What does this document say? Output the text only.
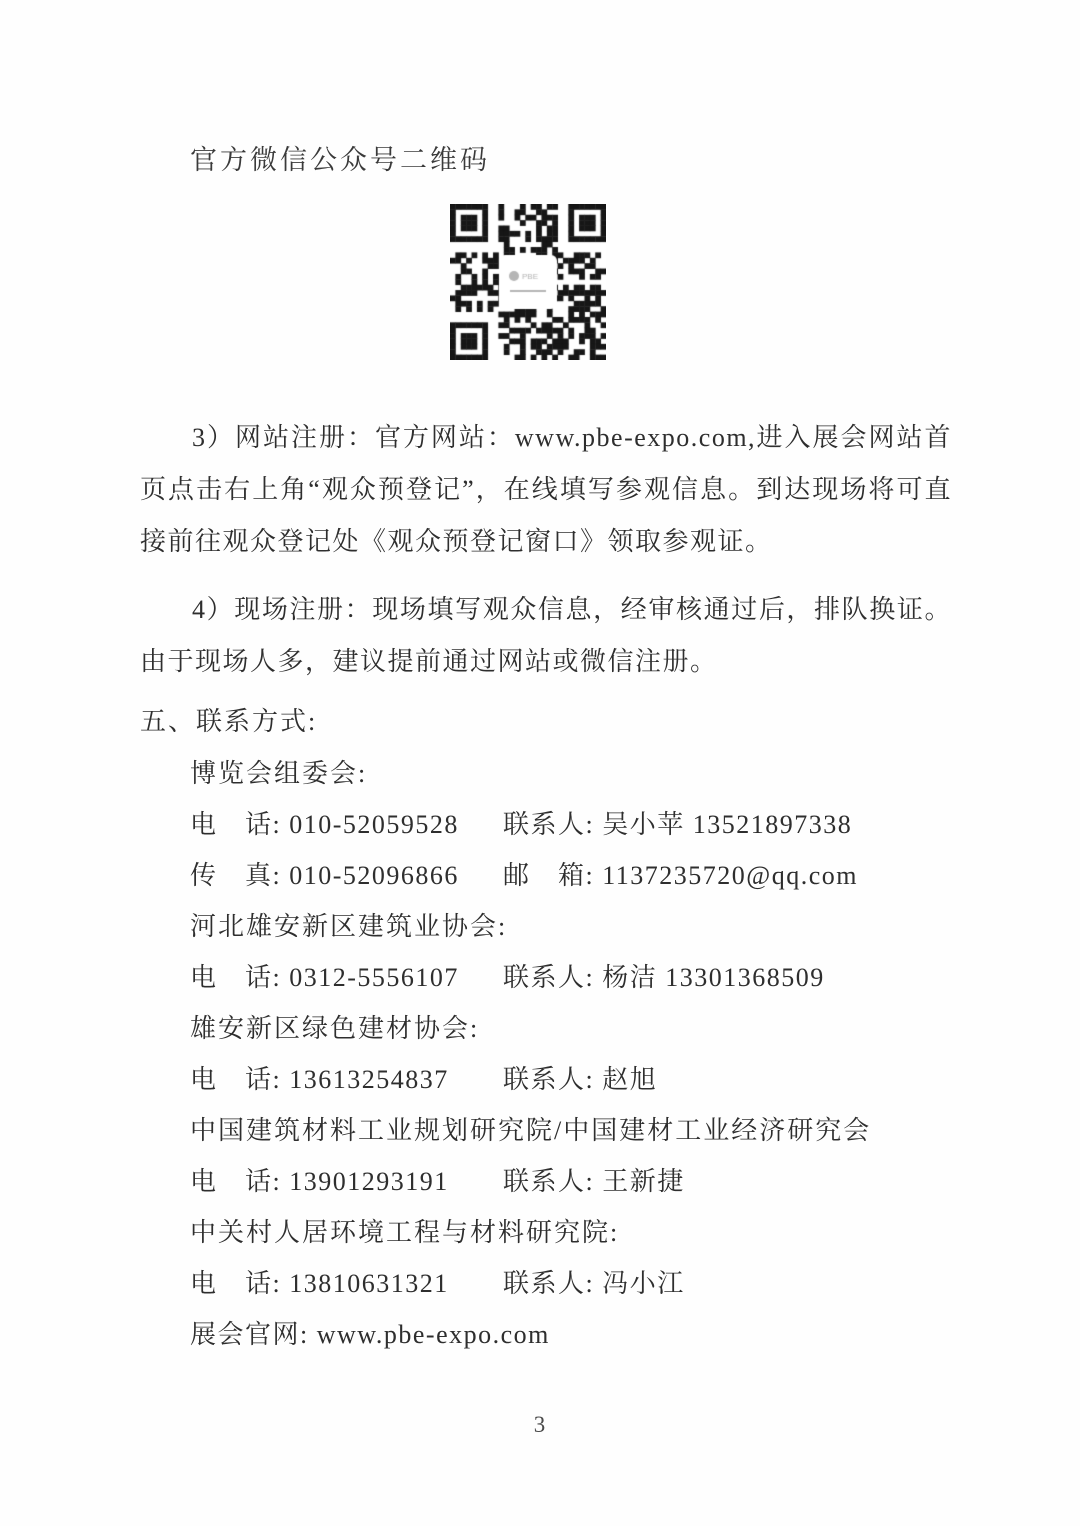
官方微信公众号二维码

3）网站注册：官方网站：www.pbe-expo.com,进入展会网站首页点击右上角“观众预登记”，在线填写参观信息。到达现场将可直接前往观众登记处《观众预登记窗口》领取参观证。

4）现场注册：现场填写观众信息，经审核通过后，排队换证。由于现场人多，建议提前通过网站或微信注册。

五、联系方式:
博览会组委会:
电　话: 010-52059528 联系人: 吴小苹 13521897338
传　真: 010-52096866 邮　箱: 1137235720@qq.com
河北雄安新区建筑业协会:
电　话: 0312-5556107 联系人: 杨洁 13301368509
雄安新区绿色建材协会:
电　话: 13613254837 联系人: 赵旭
中国建筑材料工业规划研究院/中国建材工业经济研究会
电　话: 13901293191 联系人: 王新捷
中关村人居环境工程与材料研究院:
电　话: 13810631321 联系人: 冯小江
展会官网: www.pbe-expo.com
3
